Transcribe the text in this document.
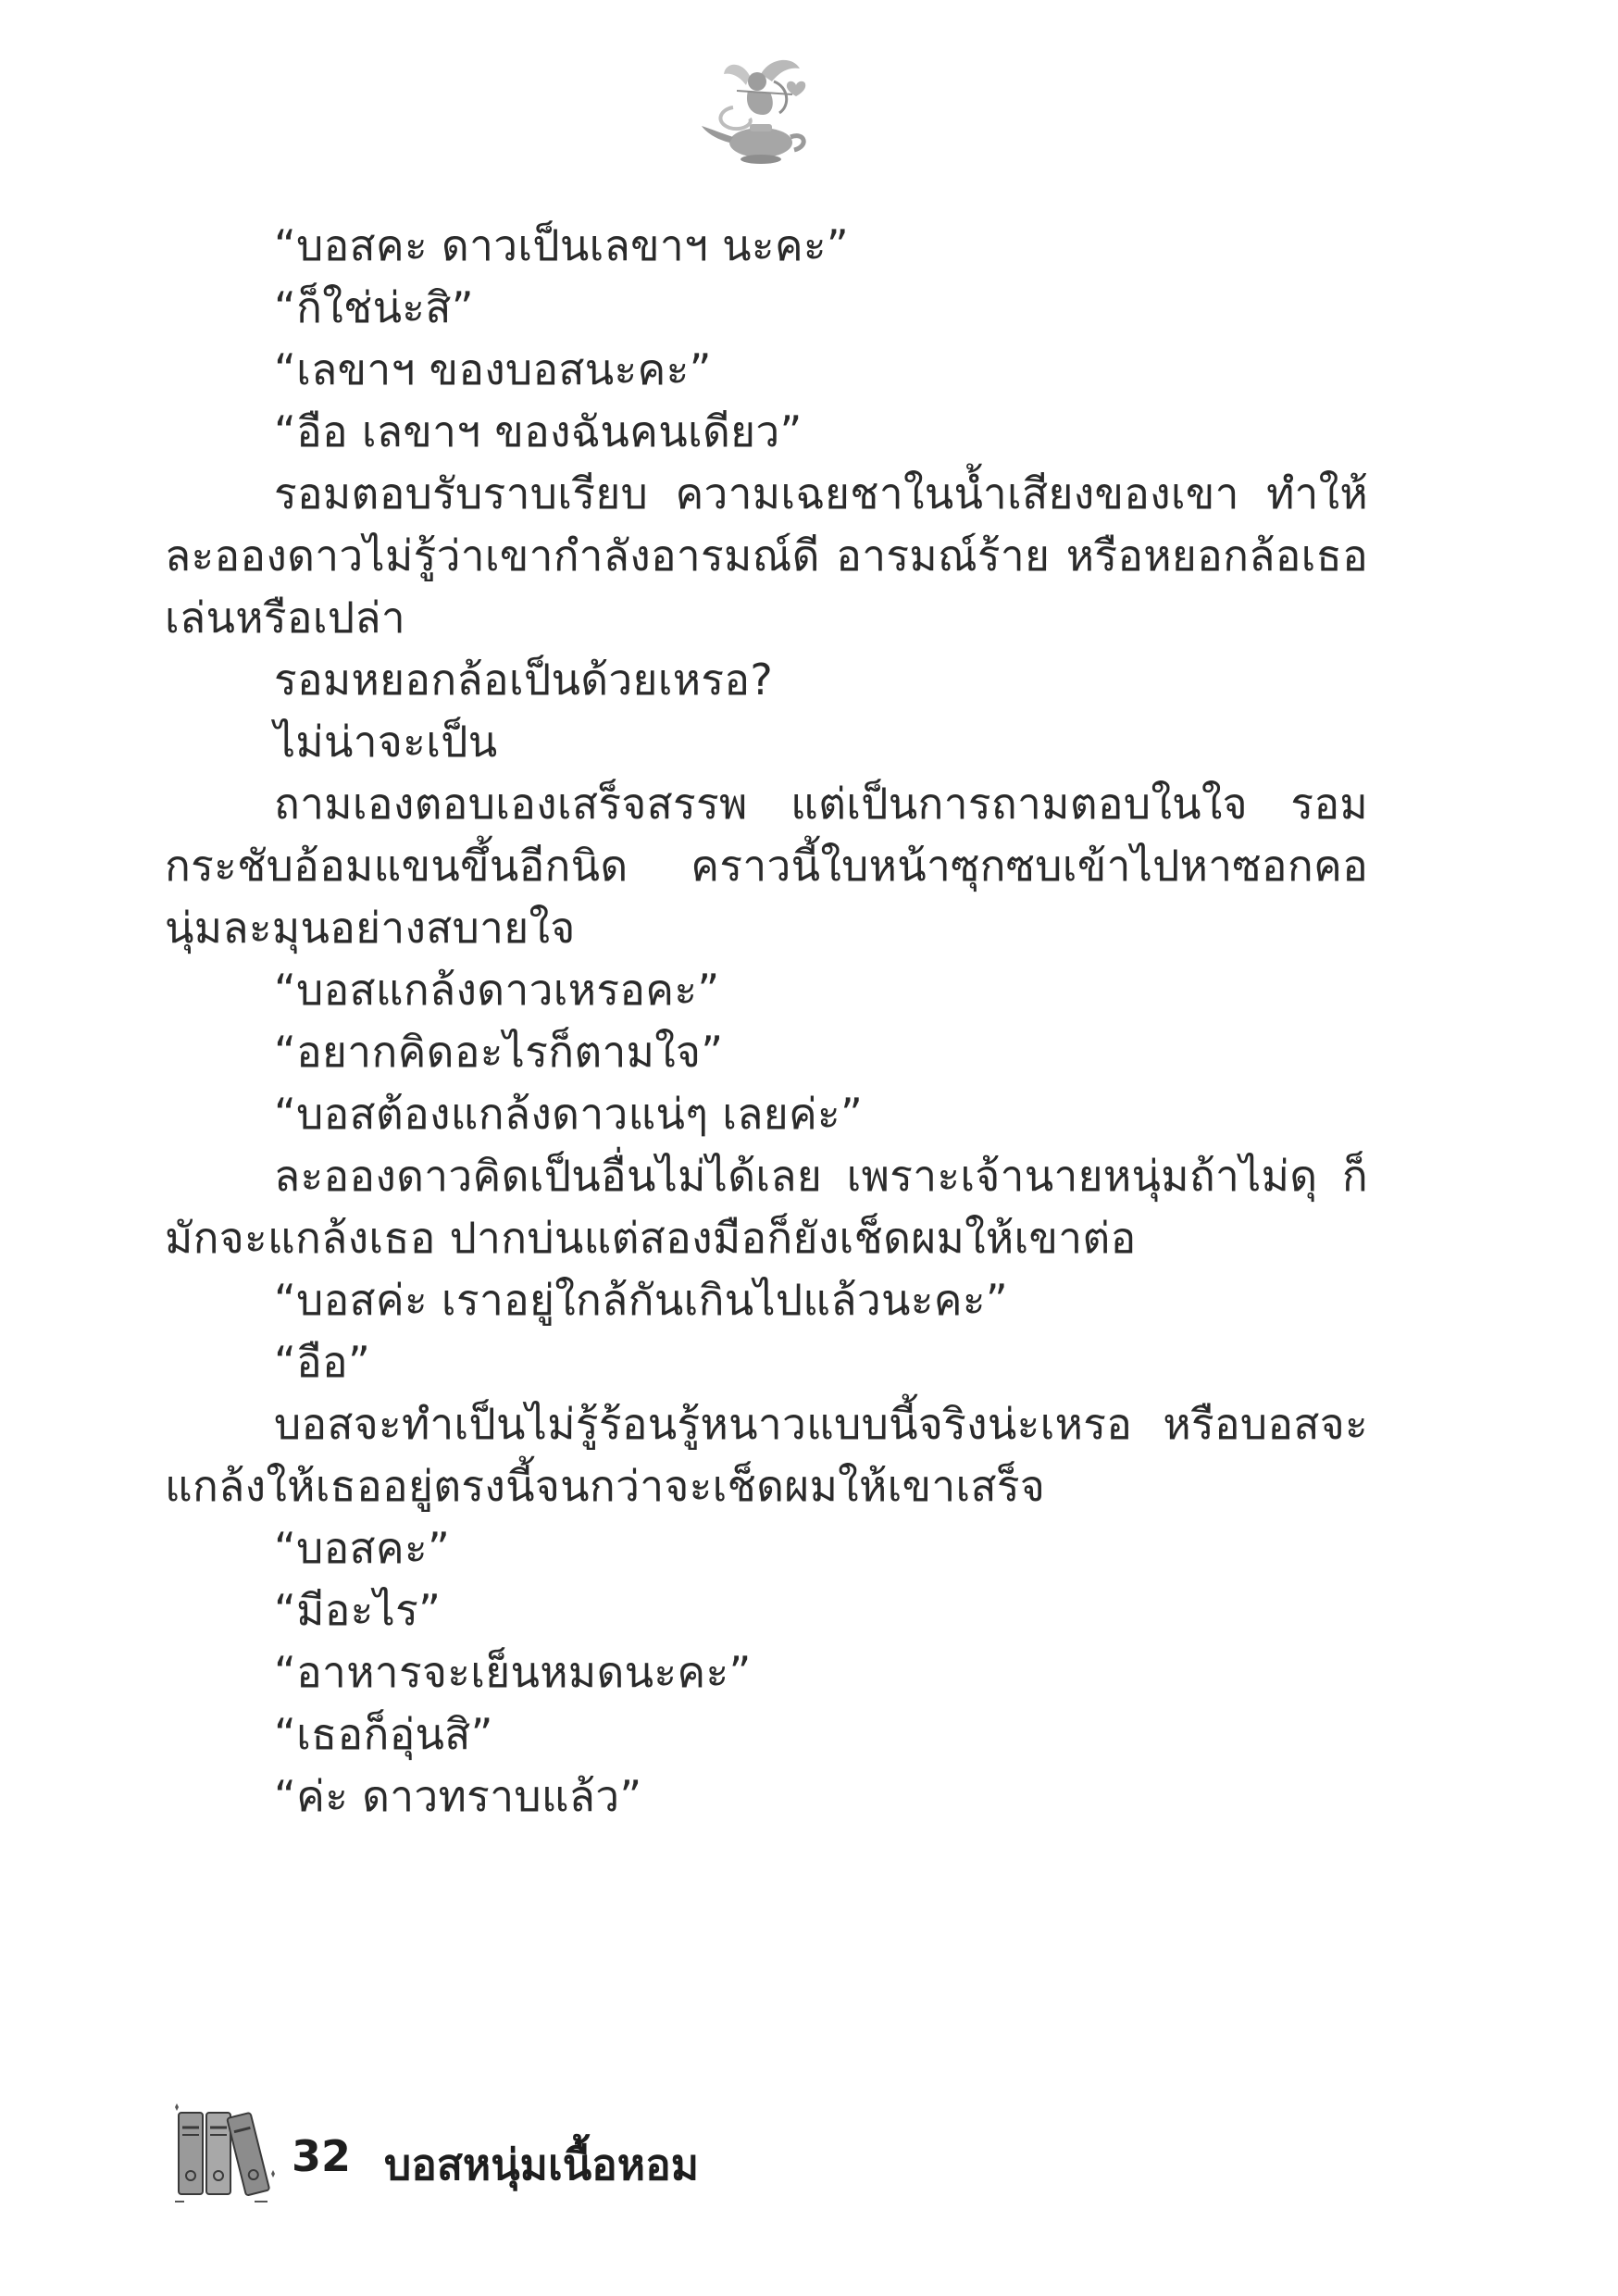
“บอสคะ ดาวเป็นเลขาฯ นะคะ”

“ก็ใช่น่ะสิ”

“เลขาฯ ของบอสนะคะ”

“อือ เลขาฯ ของฉันคนเดียว”

รอมตอบรับราบเรียบ ความเฉยชาในน้ำเสียงของเขา ทำให้ละอองดาวไม่รู้ว่าเขากำลังอารมณ์ดี อารมณ์ร้าย หรือหยอกล้อเธอเล่นหรือเปล่า

รอมหยอกล้อเป็นด้วยเหรอ?

ไม่น่าจะเป็น

ถามเองตอบเองเสร็จสรรพ แต่เป็นการถามตอบในใจ รอมกระชับอ้อมแขนขึ้นอีกนิด คราวนี้ใบหน้าซุกซบเข้าไปหาซอกคอนุ่มละมุนอย่างสบายใจ

“บอสแกล้งดาวเหรอคะ”

“อยากคิดอะไรก็ตามใจ”

“บอสต้องแกล้งดาวแน่ๆ เลยค่ะ”

ละอองดาวคิดเป็นอื่นไม่ได้เลย เพราะเจ้านายหนุ่มถ้าไม่ดุ ก็มักจะแกล้งเธอ ปากบ่นแต่สองมือก็ยังเช็ดผมให้เขาต่อ

“บอสค่ะ เราอยู่ใกล้กันเกินไปแล้วนะคะ”

“อือ”

บอสจะทำเป็นไม่รู้ร้อนรู้หนาวแบบนี้จริงน่ะเหรอ หรือบอสจะแกล้งให้เธออยู่ตรงนี้จนกว่าจะเช็ดผมให้เขาเสร็จ

“บอสคะ”

“มีอะไร”

“อาหารจะเย็นหมดนะคะ”

“เธอก็อุ่นสิ”

“ค่ะ ดาวทราบแล้ว”

32 บอสหนุ่มเนื้อหอม
